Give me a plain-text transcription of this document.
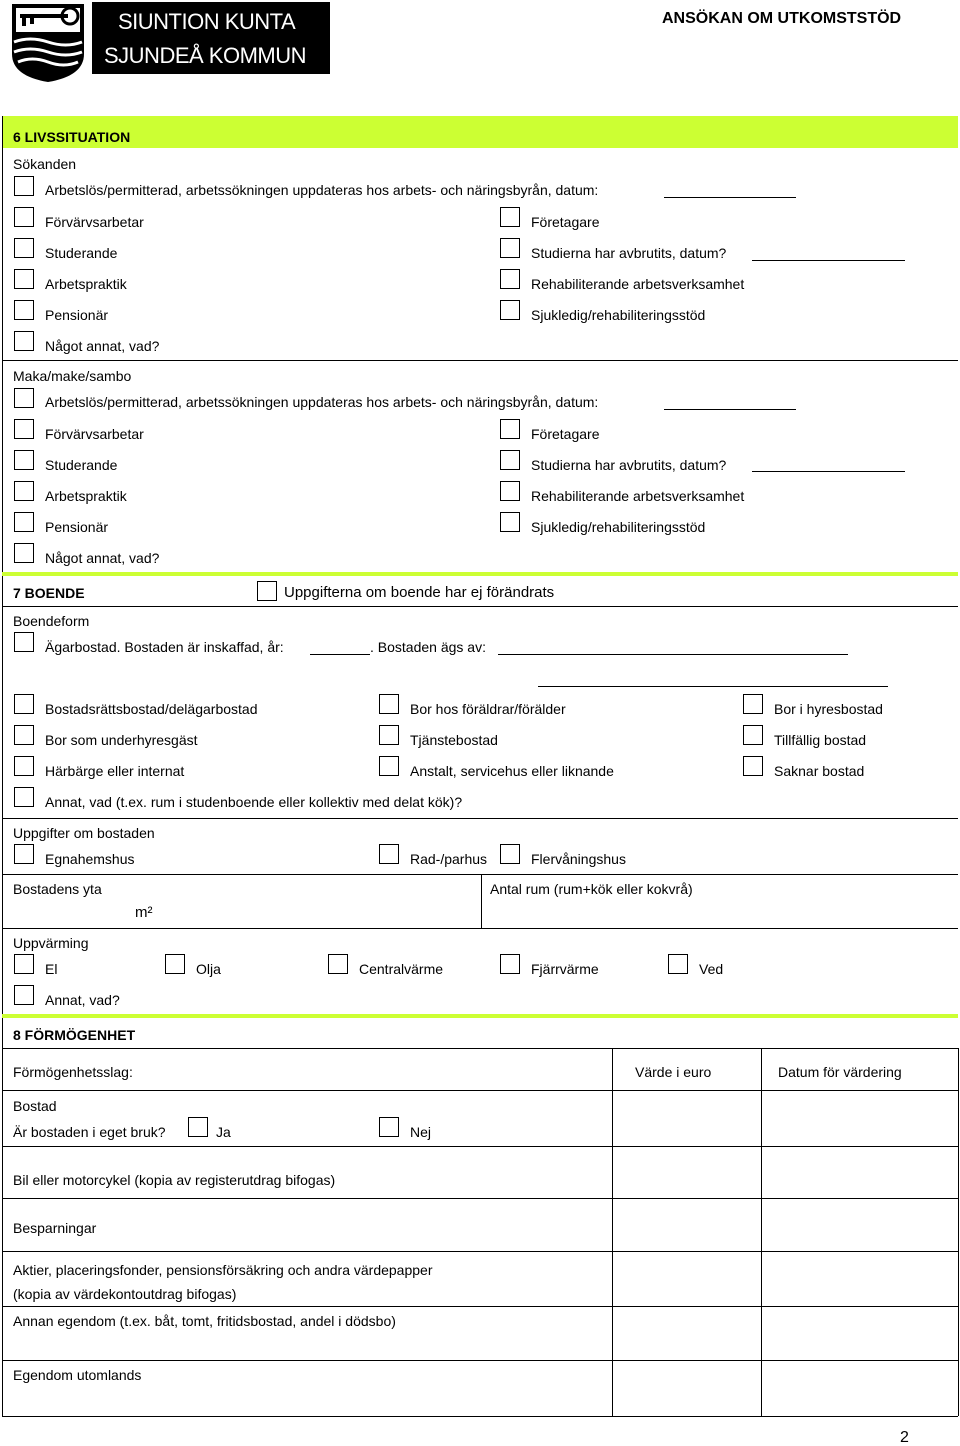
SIUNTION KUNTA
SJUNDEÅ KOMMUN
ANSÖKAN OM UTKOMSTSTÖD
6 LIVSSITUATION
Sökanden
Arbetslös/permitterad, arbetssökningen uppdateras hos arbets- och näringsbyrån, datum:
Förvärvsarbetar	Företagare
Studerande	Studierna har avbrutits, datum?
Arbetspraktik	Rehabiliterande arbetsverksamhet
Pensionär	Sjukledig/rehabiliteringsstöd
Något annat, vad?
Maka/make/sambo
Arbetslös/permitterad, arbetssökningen uppdateras hos arbets- och näringsbyrån, datum:
Förvärvsarbetar	Företagare
Studerande	Studierna har avbrutits, datum?
Arbetspraktik	Rehabiliterande arbetsverksamhet
Pensionär	Sjukledig/rehabiliteringsstöd
Något annat, vad?
7 BOENDE	Uppgifterna om boende har ej förändrats
Boendeform
Ägarbostad. Bostaden är inskaffad, år:	. Bostaden ägs av:
Bostadsrättsbostad/delägarbostad	Bor hos föräldrar/förälder	Bor i hyresbostad
Bor som underhyresgäst	Tjänstebostad	Tillfällig bostad
Härbärge eller internat	Anstalt, servicehus eller liknande	Saknar bostad
Annat, vad (t.ex. rum i studenboende eller kollektiv med delat kök)?
Uppgifter om bostaden
Egnahemshus	Rad-/parhus	Flervåningshus
Bostadens yta
m²
Antal rum (rum+kök eller kokvrå)
Uppvärming
El	Olja	Centralvärme	Fjärrvärme	Ved
Annat, vad?
8 FÖRMÖGENHET
Förmögenhetsslag:	Värde i euro	Datum för värdering
Bostad
Är bostaden i eget bruk?	Ja	Nej
Bil eller motorcykel (kopia av registerutdrag bifogas)
Besparningar
Aktier, placeringsfonder, pensionsförsäkring och andra värdepapper
(kopia av värdekontoutdrag bifogas)
Annan egendom (t.ex. båt, tomt, fritidsbostad, andel i dödsbo)
Egendom utomlands
2
